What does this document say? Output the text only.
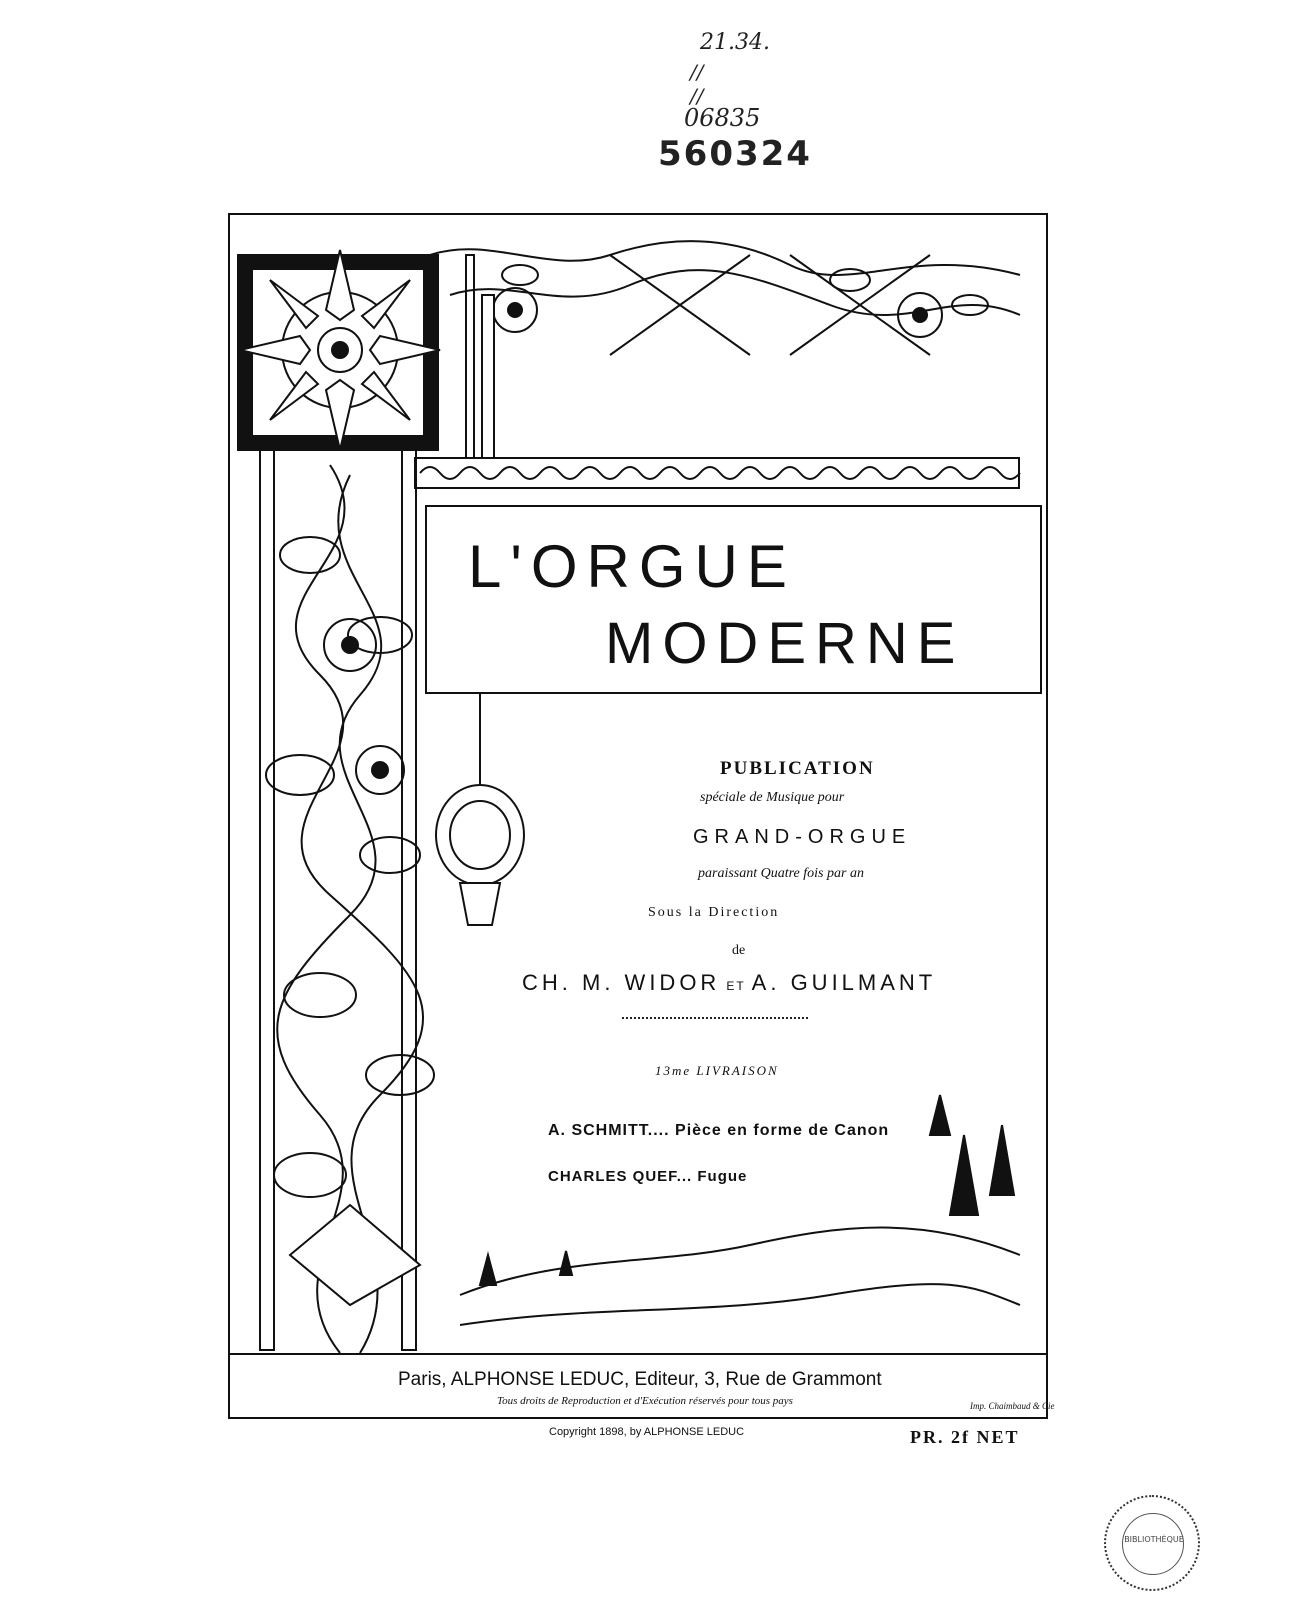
21.34.
//
//
06835
560324
L'ORGUE
MODERNE
PUBLICATION
spéciale de Musique pour
GRAND-ORGUE
paraissant Quatre fois par an
Sous la Direction
de
CH. M. WIDOR ET A. GUILMANT
13me LIVRAISON
A. SCHMITT.... Pièce en forme de Canon
CHARLES QUEF... Fugue
Paris, ALPHONSE LEDUC, Editeur, 3, Rue de Grammont
Tous droits de Reproduction et d'Exécution réservés pour tous pays	Imp. Chaimbaud & Cie
Copyright 1898, by ALPHONSE LEDUC	PR. 2f NET
BIBLIOTHÈQUE
